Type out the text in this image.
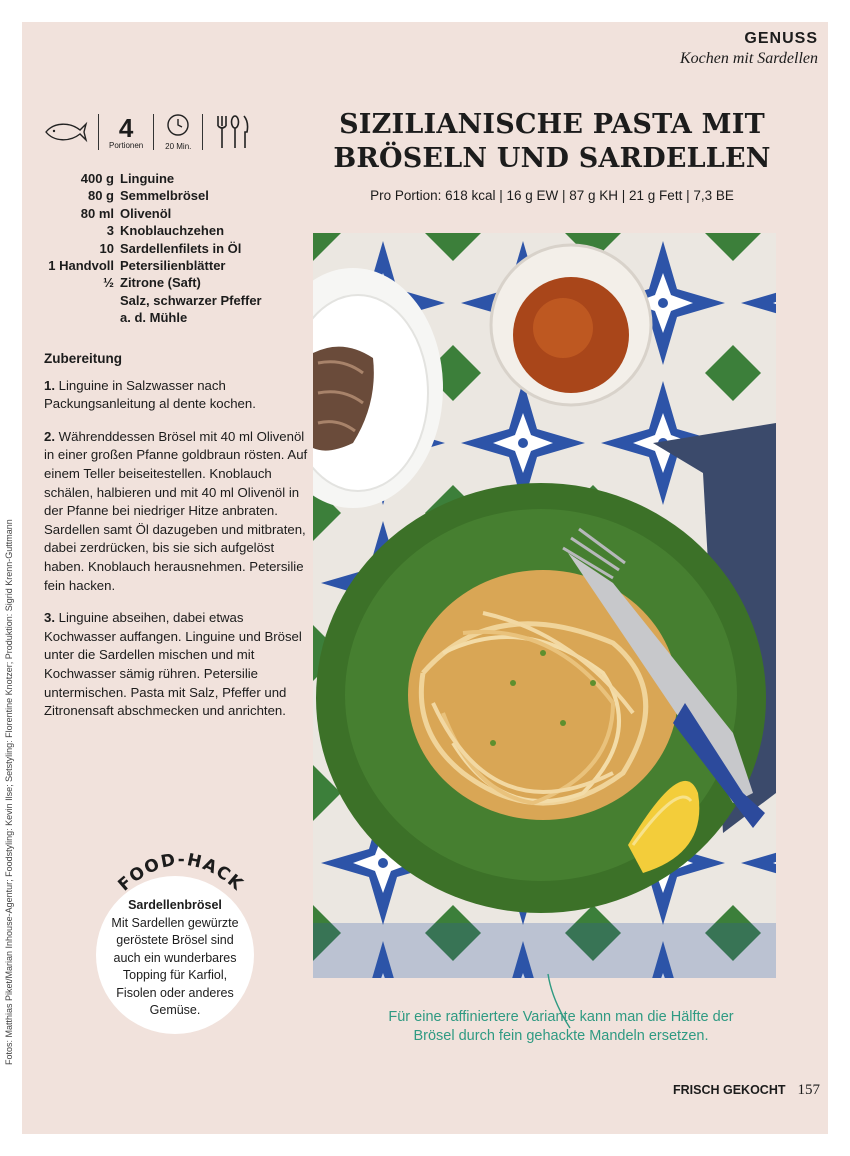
GENUSS
Kochen mit Sardellen
SIZILIANISCHE PASTA MIT
BRÖSELN UND SARDELLEN
Pro Portion: 618 kcal | 16 g EW | 87 g KH | 21 g Fett | 7,3 BE
4
Portionen	20 Min.
400 g Linguine
80 g Semmelbrösel
80 ml Olivenöl
3 Knoblauchzehen
10 Sardellenfilets in Öl
1 Handvoll Petersilienblätter
½ Zitrone (Saft)
Salz, schwarzer Pfeffer
a. d. Mühle
Zubereitung

1. Linguine in Salzwasser nach Packungsanleitung al dente kochen.

2. Währenddessen Brösel mit 40 ml Olivenöl in einer großen Pfanne goldbraun rösten. Auf einem Teller beiseitestellen. Knoblauch schälen, halbieren und mit 40 ml Olivenöl in der Pfanne bei niedriger Hitze anbraten. Sardellen samt Öl dazugeben und mitbraten, dabei zerdrücken, bis sie sich aufgelöst haben. Knoblauch herausnehmen. Petersilie fein hacken.

3. Linguine abseihen, dabei etwas Kochwasser auffangen. Linguine und Brösel unter die Sardellen mischen und mit Kochwasser sämig rühren. Petersilie untermischen. Pasta mit Salz, Pfeffer und Zitronensaft abschmecken und anrichten.

Fotos: Matthias Piket/Marian Inhouse-Agentur; Foodstyling: Kevin Ilse; Setstyling: Florentine Knotzer; Produktion: Sigrid Krenn-Guttmann	Für eine raffiniertere Variante kann man die Hälfte der Brösel durch fein gehackte Mandeln ersetzen.
FOOD-HACK
Sardellenbrösel
Mit Sardellen gewürzte geröstete Brösel sind auch ein wunderbares Topping für Karfiol, Fisolen oder anderes Gemüse.
FRISCH GEKOCHT 157
